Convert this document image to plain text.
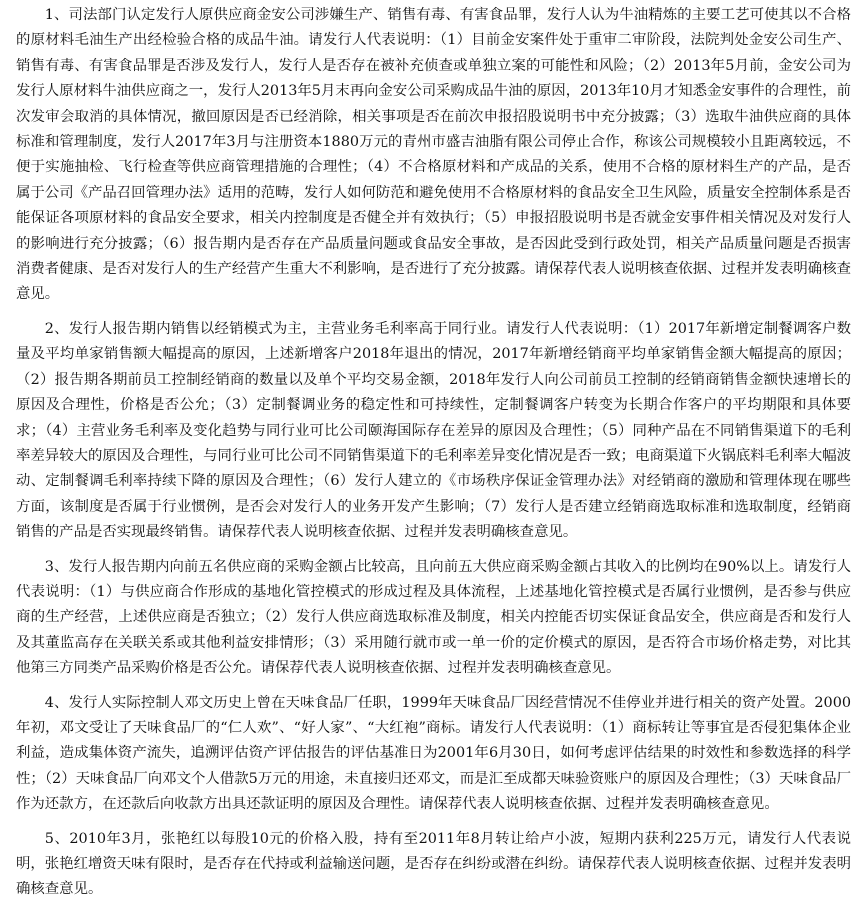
1、司法部门认定发行人原供应商金安公司涉嫌生产、销售有毒、有害食品罪，发行人认为牛油精炼的主要工艺可使其以不合格的原材料毛油生产出经检验合格的成品牛油。请发行人代表说明：（1）目前金安案件处于重审二审阶段，法院判处金安公司生产、销售有毒、有害食品罪是否涉及发行人，发行人是否存在被补充侦查或单独立案的可能性和风险；（2）2013年5月前，金安公司为发行人原材料牛油供应商之一，发行人2013年5月末再向金安公司采购成品牛油的原因，2013年10月才知悉金安事件的合理性，前次发审会取消的具体情况，撤回原因是否已经消除，相关事项是否在前次申报招股说明书中充分披露；（3）选取牛油供应商的具体标准和管理制度，发行人2017年3月与注册资本1880万元的青州市盛吉油脂有限公司停止合作，称该公司规模较小且距离较远，不便于实施抽检、飞行检查等供应商管理措施的合理性；（4）不合格原材料和产成品的关系，使用不合格的原材料生产的产品，是否属于公司《产品召回管理办法》适用的范畴，发行人如何防范和避免使用不合格原材料的食品安全卫生风险，质量安全控制体系是否能保证各项原材料的食品安全要求，相关内控制度是否健全并有效执行；（5）申报招股说明书是否就金安事件相关情况及对发行人的影响进行充分披露；（6）报告期内是否存在产品质量问题或食品安全事故，是否因此受到行政处罚，相关产品质量问题是否损害消费者健康、是否对发行人的生产经营产生重大不利影响，是否进行了充分披露。请保荐代表人说明核查依据、过程并发表明确核查意见。

2、发行人报告期内销售以经销模式为主，主营业务毛利率高于同行业。请发行人代表说明：（1）2017年新增定制餐调客户数量及平均单家销售额大幅提高的原因，上述新增客户2018年退出的情况，2017年新增经销商平均单家销售金额大幅提高的原因；（2）报告期各期前员工控制经销商的数量以及单个平均交易金额，2018年发行人向公司前员工控制的经销商销售金额快速增长的原因及合理性，价格是否公允；（3）定制餐调业务的稳定性和可持续性，定制餐调客户转变为长期合作客户的平均期限和具体要求；（4）主营业务毛利率及变化趋势与同行业可比公司颐海国际存在差异的原因及合理性；（5）同种产品在不同销售渠道下的毛利率差异较大的原因及合理性，与同行业可比公司不同销售渠道下的毛利率差异变化情况是否一致；电商渠道下火锅底料毛利率大幅波动、定制餐调毛利率持续下降的原因及合理性；（6）发行人建立的《市场秩序保证金管理办法》对经销商的激励和管理体现在哪些方面，该制度是否属于行业惯例，是否会对发行人的业务开发产生影响；（7）发行人是否建立经销商选取标准和选取制度，经销商销售的产品是否实现最终销售。请保荐代表人说明核查依据、过程并发表明确核查意见。

3、发行人报告期内向前五名供应商的采购金额占比较高，且向前五大供应商采购金额占其收入的比例均在90%以上。请发行人代表说明：（1）与供应商合作形成的基地化管控模式的形成过程及具体流程，上述基地化管控模式是否属行业惯例，是否参与供应商的生产经营，上述供应商是否独立；（2）发行人供应商选取标准及制度，相关内控能否切实保证食品安全，供应商是否和发行人及其董监高存在关联关系或其他利益安排情形；（3）采用随行就市或一单一价的定价模式的原因，是否符合市场价格走势，对比其他第三方同类产品采购价格是否公允。请保荐代表人说明核查依据、过程并发表明确核查意见。

4、发行人实际控制人邓文历史上曾在天味食品厂任职，1999年天味食品厂因经营情况不佳停业并进行相关的资产处置。2000年初，邓文受让了天味食品厂的“仁人欢”、“好人家”、“大红袍”商标。请发行人代表说明：（1）商标转让等事宜是否侵犯集体企业利益，造成集体资产流失，追溯评估资产评估报告的评估基准日为2001年6月30日，如何考虑评估结果的时效性和参数选择的科学性；（2）天味食品厂向邓文个人借款5万元的用途，未直接归还邓文，而是汇至成都天味验资账户的原因及合理性；（3）天味食品厂作为还款方，在还款后向收款方出具还款证明的原因及合理性。请保荐代表人说明核查依据、过程并发表明确核查意见。

5、2010年3月，张艳红以每股10元的价格入股，持有至2011年8月转让给卢小波，短期内获利225万元，请发行人代表说明，张艳红增资天味有限时，是否存在代持或利益输送问题，是否存在纠纷或潜在纠纷。请保荐代表人说明核查依据、过程并发表明确核查意见。
